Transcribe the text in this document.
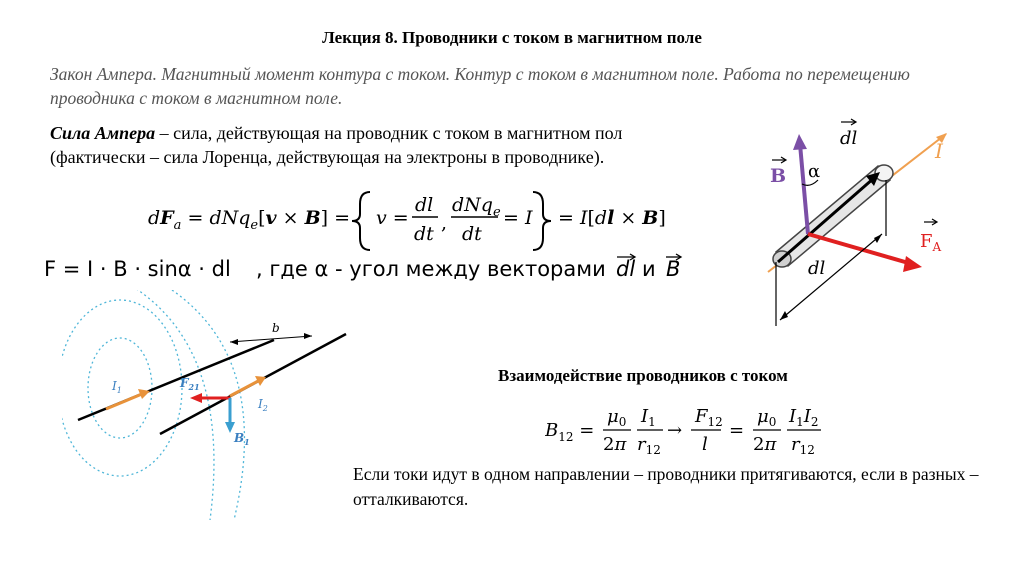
Лекция 8. Проводники с током в магнитном поле
Закон Ампера. Магнитный момент контура с током. Контур с током в магнитном поле. Работа по перемещению проводника с током в магнитном поле.
Сила Ампера – сила, действующая на проводник с током в магнитном пол
(фактически – сила Лоренца, действующая на электроны в проводнике).
$dF_a = dNq_e[v \times B] = v$ =
dl
dt ,
dNq$_e$
dt
= I = I[dl × B]
F = I · B · sinα · dl , где α - угол между векторами dl и B
dl
I
B α
$F_A$
dl
b
$I_1$
$F_{21}$
$I_2$
$B_1$
Взаимодействие проводников с током
$B_{12}$ =
$\mu_0$
2π
$I_1$
$r_{12}$
→
$F_{12}$
l
=
$\mu_0$
2π
$I_1I_2$
$r_{12}$
Если токи идут в одном направлении – проводники притягиваются, если в разных – отталкиваются.
